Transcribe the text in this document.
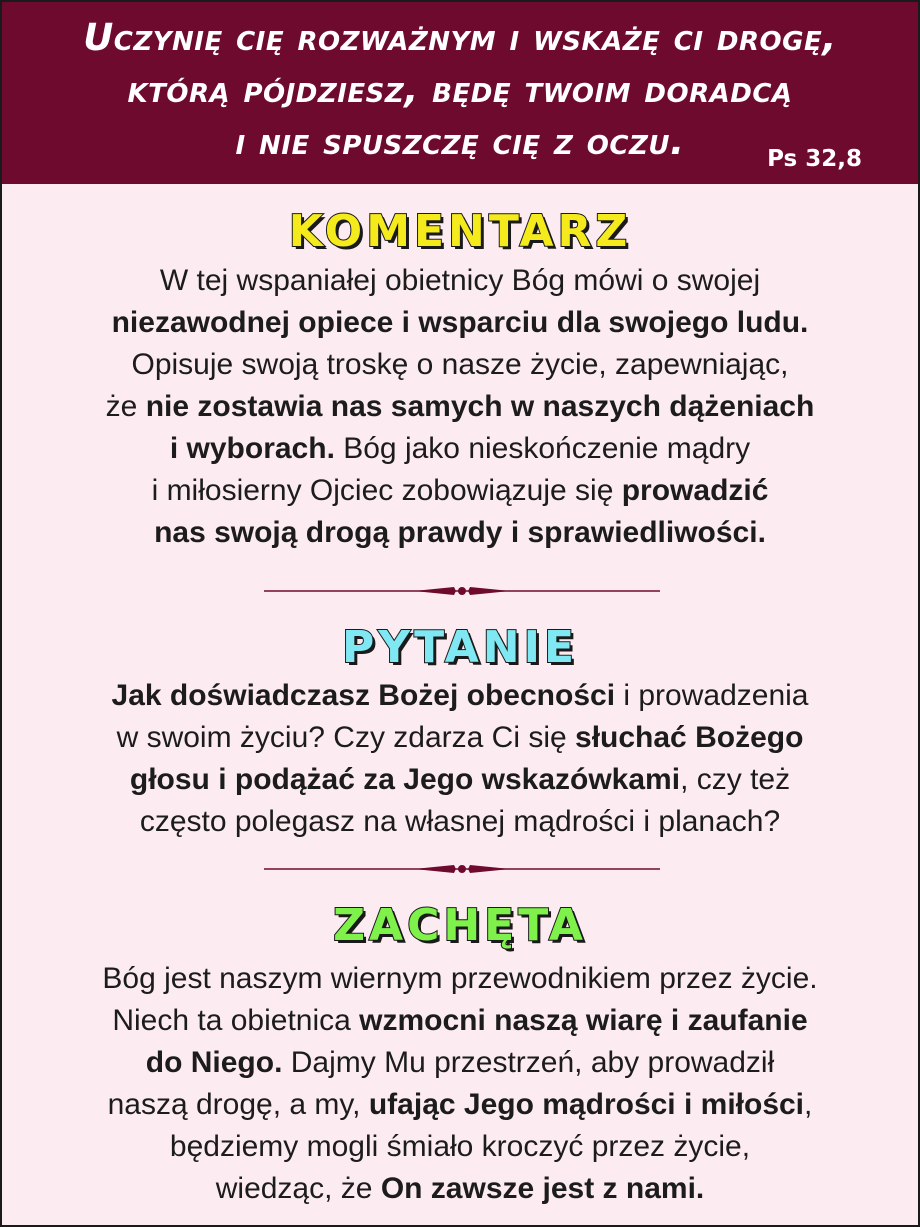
Uczynię cię rozważnym i wskażę ci drogę,
którą pójdziesz, będę twoim doradcą
i nie spuszczę cię z oczu.	Ps 32,8
KOMENTARZ
W tej wspaniałej obietnicy Bóg mówi o swojej
niezawodnej opiece i wsparciu dla swojego ludu.
Opisuje swoją troskę o nasze życie, zapewniając,
że nie zostawia nas samych w naszych dążeniach
i wyborach. Bóg jako nieskończenie mądry
i miłosierny Ojciec zobowiązuje się prowadzić
nas swoją drogą prawdy i sprawiedliwości.
PYTANIE
Jak doświadczasz Bożej obecności i prowadzenia
w swoim życiu? Czy zdarza Ci się słuchać Bożego
głosu i podążać za Jego wskazówkami, czy też
często polegasz na własnej mądrości i planach?
ZACHĘTA
Bóg jest naszym wiernym przewodnikiem przez życie.
Niech ta obietnica wzmocni naszą wiarę i zaufanie
do Niego. Dajmy Mu przestrzeń, aby prowadził
naszą drogę, a my, ufając Jego mądrości i miłości,
będziemy mogli śmiało kroczyć przez życie,
wiedząc, że On zawsze jest z nami.
